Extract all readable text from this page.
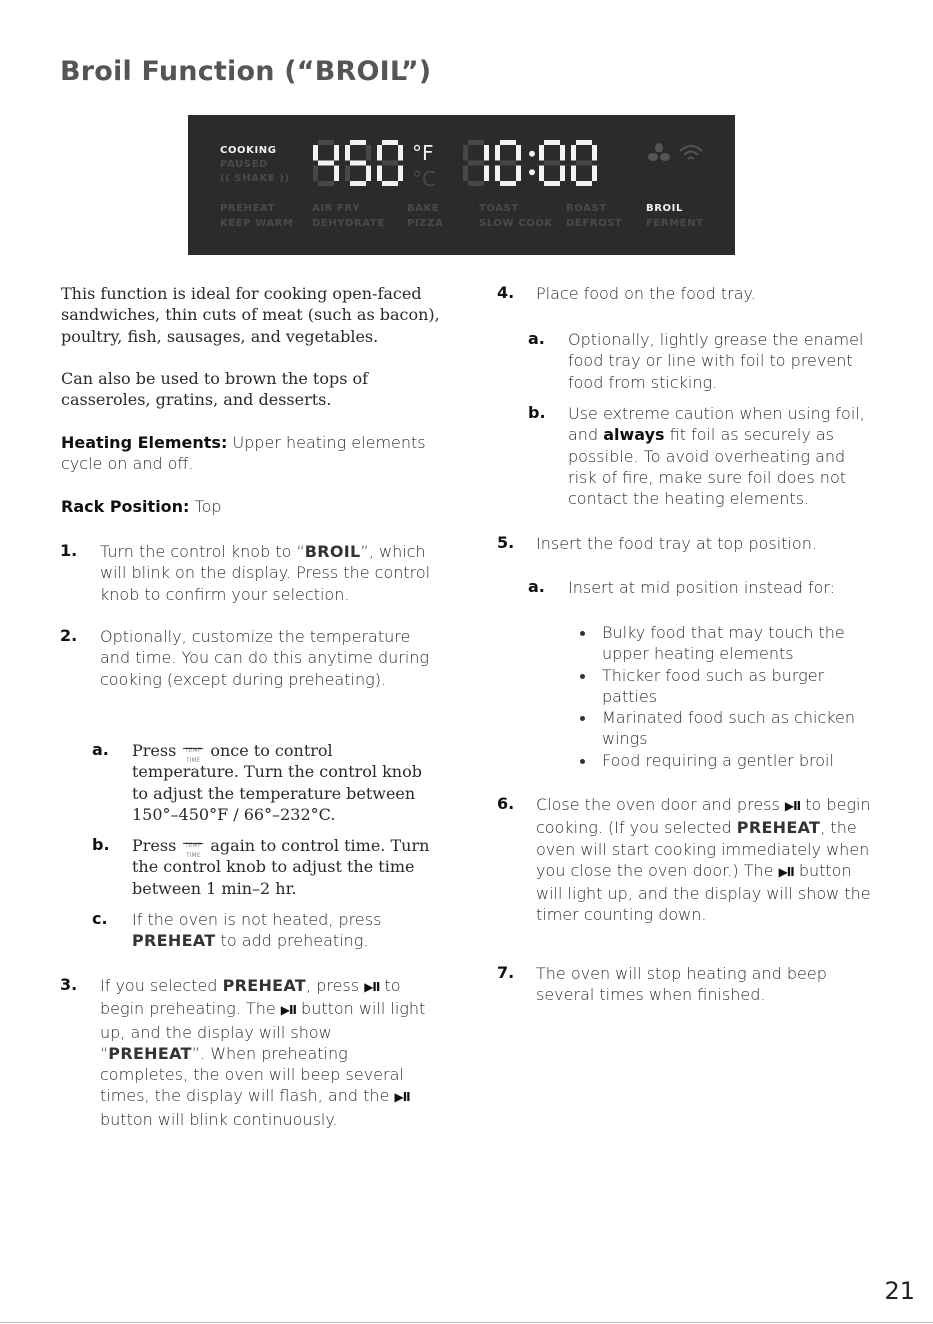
Broil Function (“BROIL”)
COOKING
PAUSED
(( SHAKE ))
°F
°C
PREHEAT
KEEP WARM
AIR FRY
DEHYDRATE
BAKE
PIZZA
TOAST
SLOW COOK
ROAST
DEFROST
BROIL
FERMENT

This function is ideal for cooking open-faced sandwiches, thin cuts of meat (such as bacon), poultry, fish, sausages, and vegetables.

Can also be used to brown the tops of casseroles, gratins, and desserts.

Heating Elements: Upper heating elements cycle on and off.

Rack Position: Top

1. Turn the control knob to “BROIL”, which will blink on the display. Press the control knob to confirm your selection.
2. Optionally, customize the temperature and time. You can do this anytime during cooking (except during preheating).
a. Press	TEMP
TIME
once to control temperature. Turn the control knob to adjust the temperature between 150°–450°F / 66°–232°C.
b. Press	TEMP
TIME
again to control time. Turn the control knob to adjust the time between 1 min–2 hr.
c. If the oven is not heated, press PREHEAT to add preheating.
3. If you selected PREHEAT, press ▶II to begin preheating. The ▶II button will light up, and the display will show “PREHEAT”. When preheating completes, the oven will beep several times, the display will flash, and the ▶II button will blink continuously.
4. Place food on the food tray.
a. Optionally, lightly grease the enamel food tray or line with foil to prevent food from sticking.
b. Use extreme caution when using foil, and always fit foil as securely as possible. To avoid overheating and risk of fire, make sure foil does not contact the heating elements.
5. Insert the food tray at top position.
a. Insert at mid position instead for:
Bulky food that may touch the upper heating elements
Thicker food such as burger patties
Marinated food such as chicken wings
Food requiring a gentler broil
6. Close the oven door and press ▶II to begin cooking. (If you selected PREHEAT, the oven will start cooking immediately when you close the oven door.) The ▶II button will light up, and the display will show the timer counting down.
7. The oven will stop heating and beep several times when finished.
21
